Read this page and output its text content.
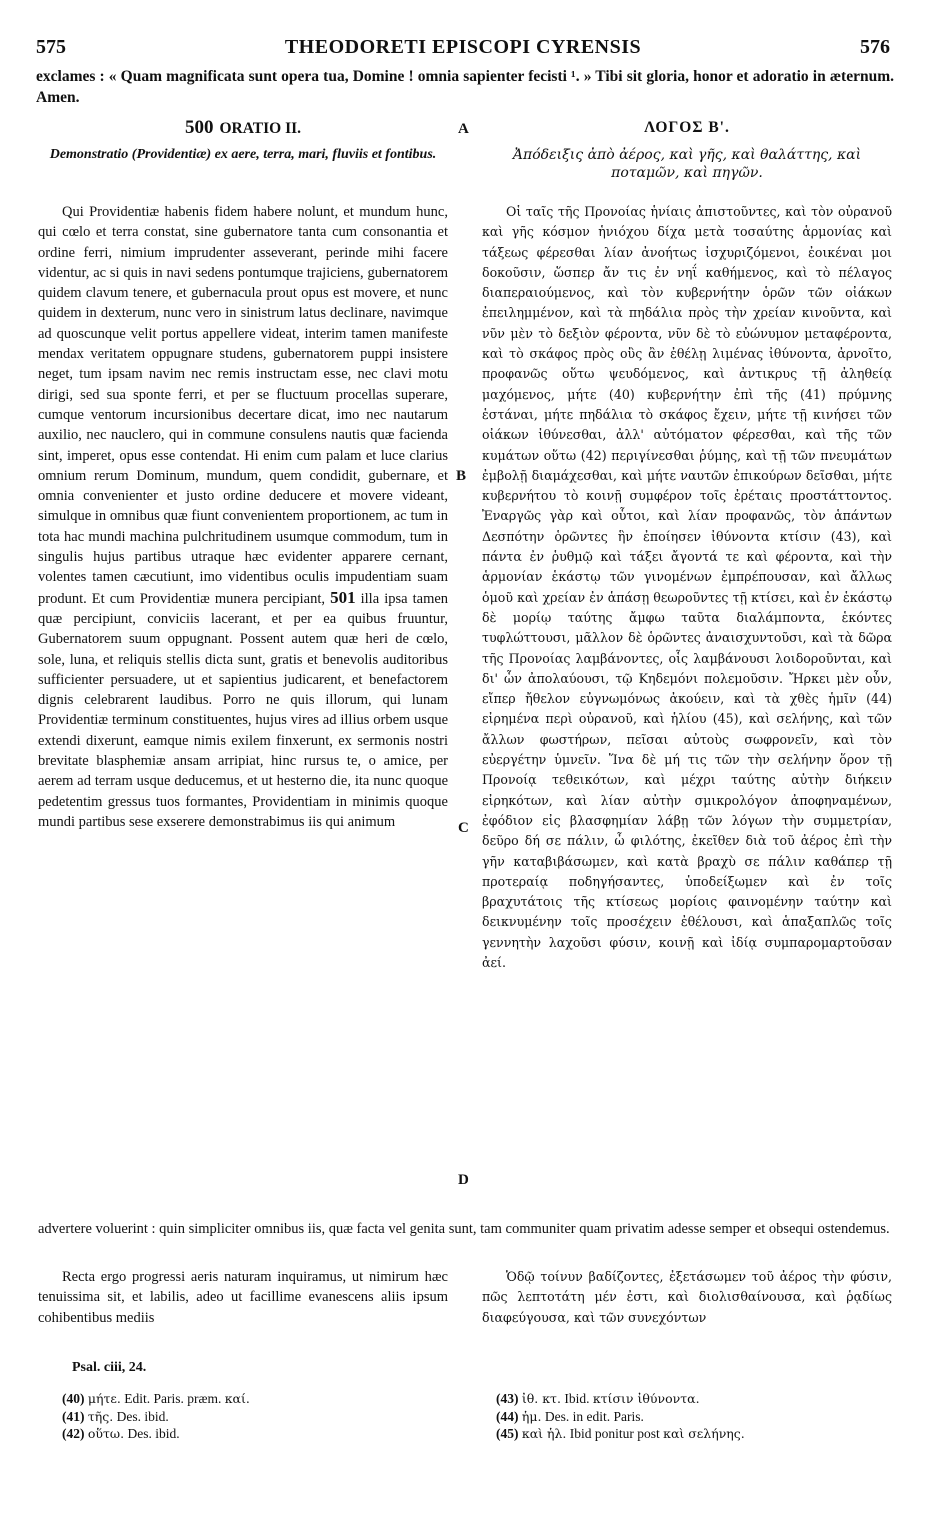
575	THEODORETI EPISCOPI CYRENSIS	576
exclames : « Quam magnificata sunt opera tua, Domine ! omnia sapienter fecisti ¹. » Tibi sit gloria, honor et adoratio in æternum. Amen.
500 ORATIO II.	ΛΟΓΟΣ Β'.
Demonstratio (Providentiæ) ex aere, terra, mari, fluviis et fontibus.	Ἀπόδειξις ἀπὸ ἀέρος, καὶ γῆς, καὶ θαλάττης, καὶ ποταμῶν, καὶ πηγῶν.

Qui Providentiæ habenis fidem habere nolunt, et mundum hunc, qui cœlo et terra constat, sine gubernatore tanta cum consonantia et ordine ferri, nimium imprudenter asseverant, perinde mihi facere videntur, ac si quis in navi sedens pontumque trajiciens, gubernatorem quidem clavum tenere, et gubernacula prout opus est movere, et nunc quidem in dexterum, nunc vero in sinistrum latus declinare, navimque ad quoscunque velit portus appellere videat, interim tamen manifeste mendax veritatem oppugnare studens, gubernatorem puppi insistere neget, tum ipsam navim nec remis instructam esse, nec clavi motu dirigi, sed sua sponte ferri, et per se fluctuum procellas superare, cumque ventorum incursionibus decertare dicat, imo nec nautarum auxilio, nec nauclero, qui in commune consulens nautis quæ facienda sint, imperet, opus esse contendat. Hi enim cum palam et luce clarius omnium rerum Dominum, mundum, quem condidit, gubernare, et omnia convenienter et justo ordine deducere et movere videant, simulque in omnibus quæ fiunt convenientem proportionem, ac tum in tota hac mundi machina pulchritudinem usumque commodum, tum in singulis hujus partibus utraque hæc evidenter apparere cernant, volentes tamen cæcutiunt, imo videntibus oculis impudentiam suam produnt. Et cum Providentiæ munera percipiant, 501 illa ipsa tamen quæ percipiunt, conviciis lacerant, et per ea quibus fruuntur, Gubernatorem suum oppugnant. Possent autem quæ heri de cœlo, sole, luna, et reliquis stellis dicta sunt, gratis et benevolis auditoribus sufficienter persuadere, ut et sapientius judicarent, et benefactorem dignis celebrarent laudibus. Porro ne quis illorum, qui lunam Providentiæ terminum constituentes, hujus vires ad illius orbem usque extendi dixerunt, eamque nimis exilem finxerunt, ex sermonis nostri brevitate blasphemiæ ansam arripiat, hinc rursus te, o amice, per aerem ad terram usque deducemus, et ut hesterno die, ita nunc quoque pedetentim gressus tuos formantes, Providentiam in minimis quoque mundi partibus sese exserere demonstrabimus iis qui animum

Οἱ ταῖς τῆς Προνοίας ἡνίαις ἀπιστοῦντες, καὶ τὸν οὐρανοῦ καὶ γῆς κόσμον ἡνιόχου δίχα μετὰ τοσαύτης ἁρμονίας καὶ τάξεως φέρεσθαι λίαν ἀνοήτως ἰσχυριζόμενοι, ἐοικέναι μοι δοκοῦσιν, ὥσπερ ἄν τις ἐν νηΐ καθήμενος, καὶ τὸ πέλαγος διαπεραιούμενος, καὶ τὸν κυβερνήτην ὁρῶν τῶν οἰάκων ἐπειλημμένον, καὶ τὰ πηδάλια πρὸς τὴν χρείαν κινοῦντα, καὶ νῦν μὲν τὸ δεξιὸν φέροντα, νῦν δὲ τὸ εὐώνυμον μεταφέροντα, καὶ τὸ σκάφος πρὸς οὓς ἂν ἐθέλῃ λιμένας ἰθύνοντα, ἀρνοῖτο, προφανῶς οὕτω ψευδόμενος, καὶ ἀντικρυς τῇ ἀληθείᾳ μαχόμενος, μήτε (40) κυβερνήτην ἐπὶ τῆς (41) πρύμνης ἑστάναι, μήτε πηδάλια τὸ σκάφος ἔχειν, μήτε τῇ κινήσει τῶν οἰάκων ἰθύνεσθαι, ἀλλ' αὐτόματον φέρεσθαι, καὶ τῆς τῶν κυμάτων οὕτω (42) περιγίνεσθαι ῥύμης, καὶ τῇ τῶν πνευμάτων ἐμβολῇ διαμάχεσθαι, καὶ μήτε ναυτῶν ἐπικούρων δεῖσθαι, μήτε κυβερνήτου τὸ κοινῇ συμφέρον τοῖς ἐρέταις προστάττοντος. Ἐναργῶς γὰρ καὶ οὗτοι, καὶ λίαν προφανῶς, τὸν ἁπάντων Δεσπότην ὁρῶντες ἣν ἐποίησεν ἰθύνοντα κτίσιν (43), καὶ πάντα ἐν ῥυθμῷ καὶ τάξει ἄγοντά τε καὶ φέροντα, καὶ τὴν ἁρμονίαν ἑκάστῳ τῶν γινομένων ἐμπρέπουσαν, καὶ ἄλλως ὁμοῦ καὶ χρείαν ἐν ἁπάσῃ θεωροῦντες τῇ κτίσει, καὶ ἐν ἑκάστῳ δὲ μορίῳ ταύτης ἄμφω ταῦτα διαλάμποντα, ἑκόντες τυφλώττουσι, μᾶλλον δὲ ὁρῶντες ἀναισχυντοῦσι, καὶ τὰ δῶρα τῆς Προνοίας λαμβάνοντες, οἷς λαμβάνουσι λοιδοροῦνται, καὶ δι' ὧν ἀπολαύουσι, τῷ Κηδεμόνι πολεμοῦσιν. Ἤρκει μὲν οὖν, εἴπερ ἤθελον εὐγνωμόνως ἀκούειν, καὶ τὰ χθὲς ἡμῖν (44) εἰρημένα περὶ οὐρανοῦ, καὶ ἡλίου (45), καὶ σελήνης, καὶ τῶν ἄλλων φωστήρων, πεῖσαι αὐτοὺς σωφρονεῖν, καὶ τὸν εὐεργέτην ὑμνεῖν. Ἵνα δὲ μή τις τῶν τὴν σελήνην ὅρον τῇ Προνοίᾳ τεθεικότων, καὶ μέχρι ταύτης αὐτὴν διήκειν εἰρηκότων, καὶ λίαν αὐτὴν σμικρολόγον ἀποφηναμένων, ἐφόδιον εἰς βλασφημίαν λάβῃ τῶν λόγων τὴν συμμετρίαν, δεῦρο δή σε πάλιν, ὦ φιλότης, ἐκεῖθεν διὰ τοῦ ἀέρος ἐπὶ τὴν γῆν καταβιβάσωμεν, καὶ κατὰ βραχὺ σε πάλιν καθάπερ τῇ προτεραίᾳ ποδηγήσαντες, ὑποδείξωμεν καὶ ἐν τοῖς βραχυτάτοις τῆς κτίσεως μορίοις φαινομένην ταύτην καὶ δεικνυμένην τοῖς προσέχειν ἐθέλουσι, καὶ ἁπαξαπλῶς τοῖς γεννητὴν λαχοῦσι φύσιν, κοινῇ καὶ ἰδίᾳ συμπαρομαρτοῦσαν ἀεί.

A
B
C
D
advertere voluerint : quin simpliciter omnibus iis, quæ facta vel genita sunt, tam communiter quam privatim adesse semper et obsequi ostendemus.

Recta ergo progressi aeris naturam inquiramus, ut nimirum hæc tenuissima sit, et labilis, adeo ut facillime evanescens aliis ipsum cohibentibus mediis

Ὁδῷ τοίνυν βαδίζοντες, ἐξετάσωμεν τοῦ ἀέρος τὴν φύσιν, πῶς λεπτοτάτη μέν ἐστι, καὶ διολισθαίνουσα, καὶ ῥᾳδίως διαφεύγουσα, καὶ τῶν συνεχόντων

Psal. ciii, 24.
(40) μήτε. Edit. Paris. præm. καί.
(41) τῆς. Des. ibid.
(42) οὕτω. Des. ibid.
(43) ἰθ. κτ. Ibid. κτίσιν ἰθύνοντα.
(44) ἡμ. Des. in edit. Paris.
(45) καὶ ἡλ. Ibid ponitur post καὶ σελήνης.
